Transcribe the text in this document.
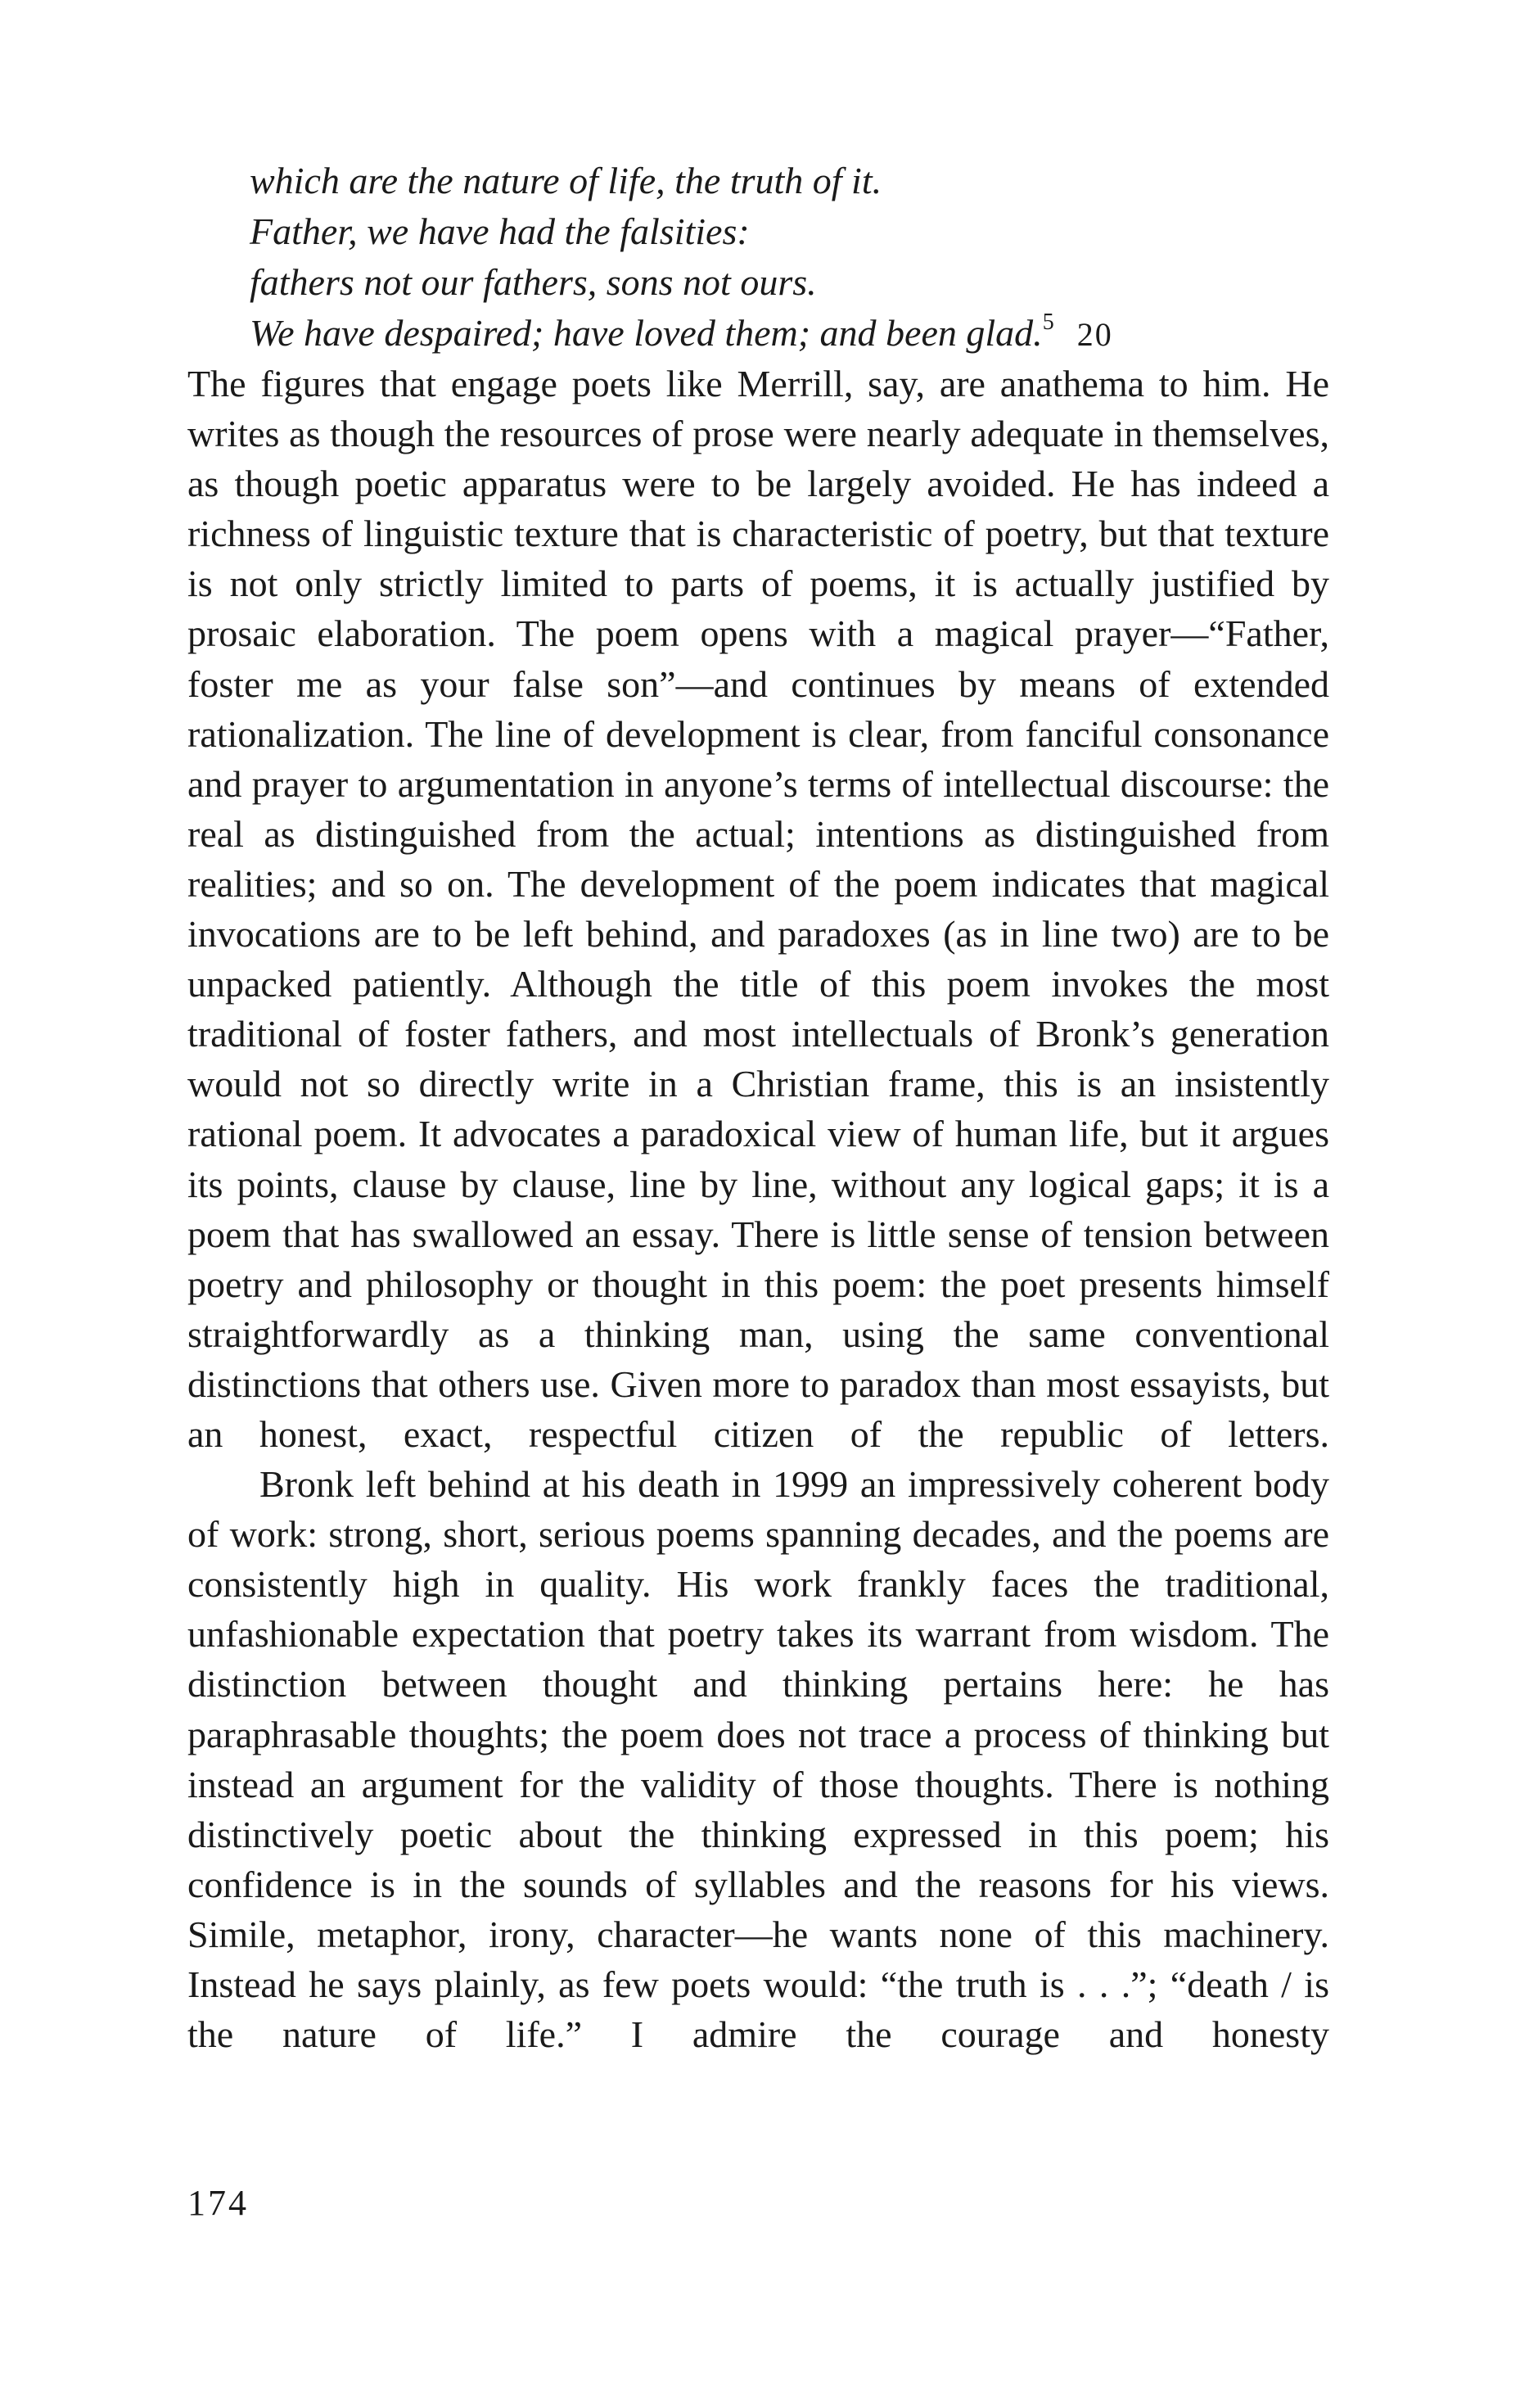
which are the nature of life, the truth of it.
Father, we have had the falsities:
fathers not our fathers, sons not ours.
We have despaired; have loved them; and been glad.$^5$ 20

The figures that engage poets like Merrill, say, are anathema to him. He writes as though the resources of prose were nearly adequate in themselves, as though poetic apparatus were to be largely avoided. He has indeed a richness of linguistic texture that is characteristic of poetry, but that texture is not only strictly limited to parts of poems, it is actually justified by prosaic elaboration. The poem opens with a magical prayer—“Father, foster me as your false son”—and continues by means of extended rationalization. The line of development is clear, from fanciful consonance and prayer to argumentation in anyone’s terms of intellectual discourse: the real as distinguished from the actual; intentions as distinguished from realities; and so on. The development of the poem indicates that magical invocations are to be left behind, and paradoxes (as in line two) are to be unpacked patiently. Although the title of this poem invokes the most traditional of foster fathers, and most intellectuals of Bronk’s generation would not so directly write in a Christian frame, this is an insistently rational poem. It advocates a paradoxical view of human life, but it argues its points, clause by clause, line by line, without any logical gaps; it is a poem that has swallowed an essay. There is little sense of tension between poetry and philosophy or thought in this poem: the poet presents himself straightforwardly as a thinking man, using the same conventional distinctions that others use. Given more to paradox than most essayists, but an honest, exact, respectful citizen of the republic of letters.

Bronk left behind at his death in 1999 an impressively coherent body of work: strong, short, serious poems spanning decades, and the poems are consistently high in quality. His work frankly faces the traditional, unfashionable expectation that poetry takes its warrant from wisdom. The distinction between thought and thinking pertains here: he has paraphrasable thoughts; the poem does not trace a process of thinking but instead an argument for the validity of those thoughts. There is nothing distinctively poetic about the thinking expressed in this poem; his confidence is in the sounds of syllables and the reasons for his views. Simile, metaphor, irony, character—he wants none of this machinery. Instead he says plainly, as few poets would: “the truth is . . .”; “death / is the nature of life.” I admire the courage and honesty

174
